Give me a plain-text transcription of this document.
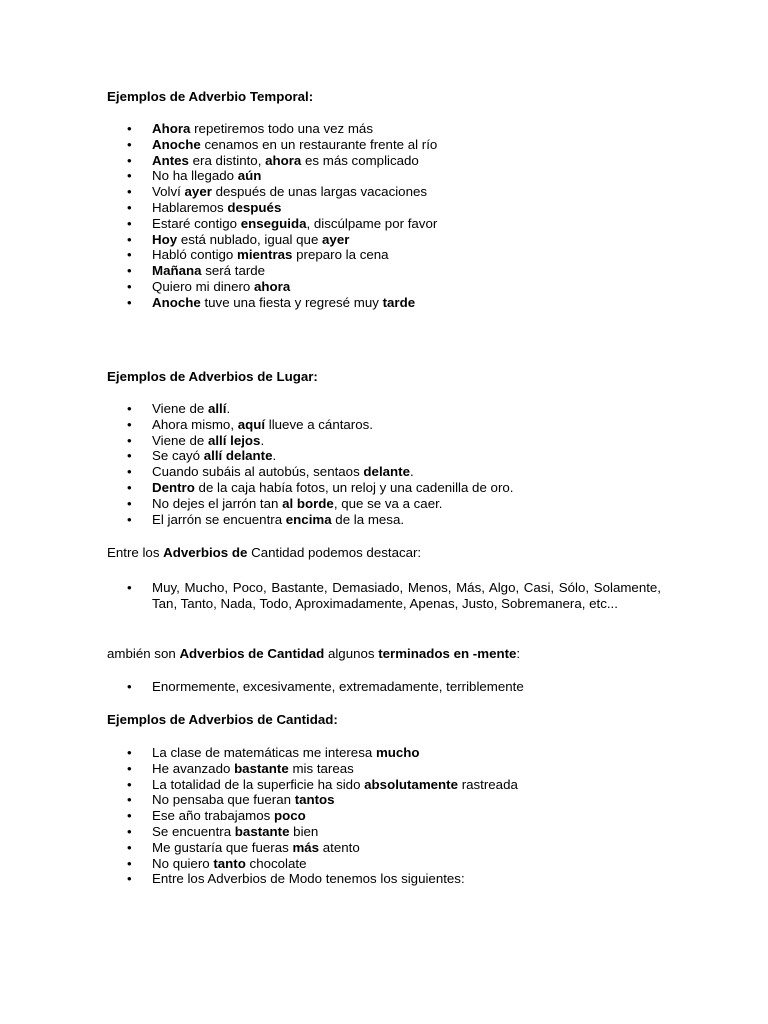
Ejemplos de Adverbio Temporal:
• Ahora repetiremos todo una vez más
• Anoche cenamos en un restaurante frente al río
• Antes era distinto, ahora es más complicado
• No ha llegado aún
• Volví ayer después de unas largas vacaciones
• Hablaremos después
• Estaré contigo enseguida, discúlpame por favor
• Hoy está nublado, igual que ayer
• Habló contigo mientras preparo la cena
• Mañana será tarde
• Quiero mi dinero ahora
• Anoche tuve una fiesta y regresé muy tarde
Ejemplos de Adverbios de Lugar:
• Viene de allí.
• Ahora mismo, aquí llueve a cántaros.
• Viene de allí lejos.
• Se cayó allí delante.
• Cuando subáis al autobús, sentaos delante.
• Dentro de la caja había fotos, un reloj y una cadenilla de oro.
• No dejes el jarrón tan al borde, que se va a caer.
• El jarrón se encuentra encima de la mesa.
Entre los Adverbios de Cantidad podemos destacar:
• Muy, Mucho, Poco, Bastante, Demasiado, Menos, Más, Algo, Casi, Sólo, Solamente, Tan, Tanto, Nada, Todo, Aproximadamente, Apenas, Justo, Sobremanera, etc...
ambién son Adverbios de Cantidad algunos terminados en -mente:
• Enormemente, excesivamente, extremadamente, terriblemente
Ejemplos de Adverbios de Cantidad:
• La clase de matemáticas me interesa mucho
• He avanzado bastante mis tareas
• La totalidad de la superficie ha sido absolutamente rastreada
• No pensaba que fueran tantos
• Ese año trabajamos poco
• Se encuentra bastante bien
• Me gustaría que fueras más atento
• No quiero tanto chocolate
• Entre los Adverbios de Modo tenemos los siguientes:
